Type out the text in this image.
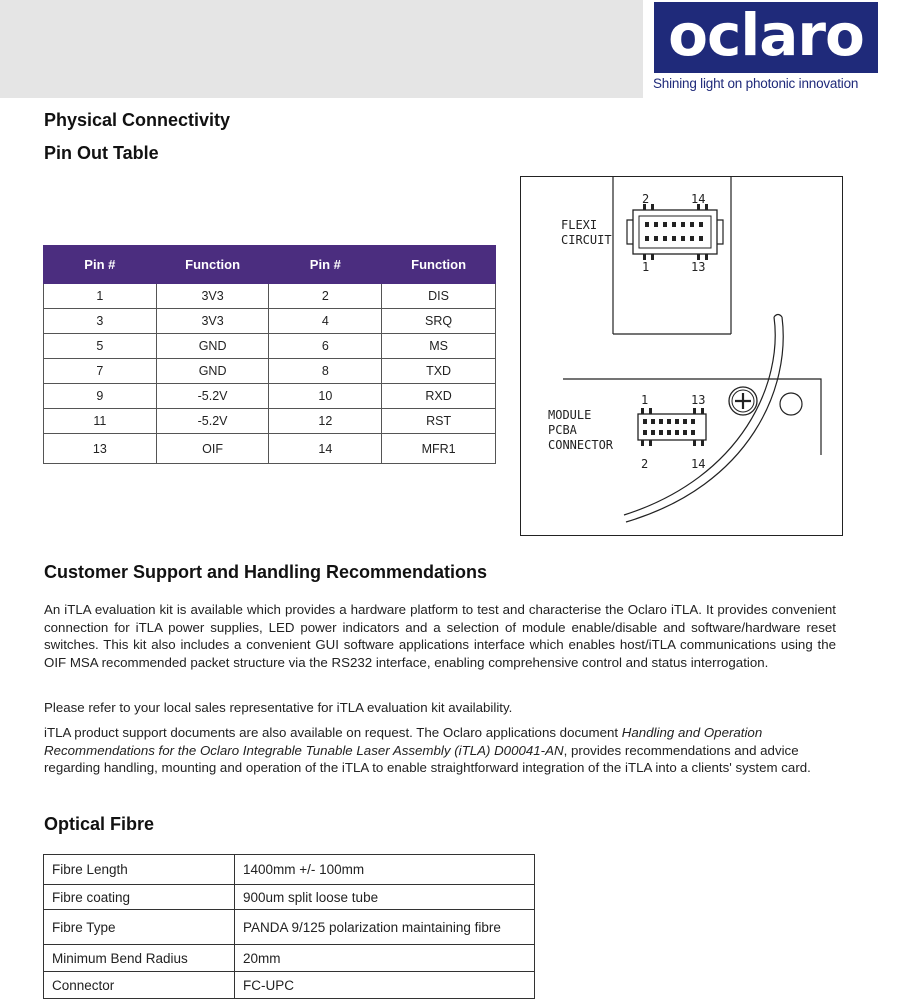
oclaro
Shining light on photonic innovation
Physical Connectivity
Pin Out Table
Pin #	Function	Pin #	Function
1	3V3	2	DIS
3	3V3	4	SRQ
5	GND	6	MS
7	GND	8	TXD
9	-5.2V	10	RXD
11	-5.2V	12	RST
13	OIF	14	MFR1
FLEXI
CIRCUIT
2	14
1	13
MODULE
PCBA
CONNECTOR
1	13
2	14
Customer Support and Handling Recommendations
An iTLA evaluation kit is available which provides a hardware platform to test and characterise the Oclaro iTLA. It provides convenient connection for iTLA power supplies, LED power indicators and a selection of module enable/disable and software/hardware reset switches. This kit also includes a convenient GUI software applications interface which enables host/iTLA communications using the OIF MSA recommended packet structure via the RS232 interface, enabling comprehensive control and status interrogation.
Please refer to your local sales representative for iTLA evaluation kit availability.
iTLA product support documents are also available on request. The Oclaro applications document Handling and Operation Recommendations for the Oclaro Integrable Tunable Laser Assembly (iTLA) D00041-AN, provides recommendations and advice regarding handling, mounting and operation of the iTLA to enable straightforward integration of the iTLA into a clients' system card.
Optical Fibre
Fibre Length	1400mm +/- 100mm
Fibre coating	900um split loose tube
Fibre Type	PANDA 9/125 polarization maintaining fibre
Minimum Bend Radius	20mm
Connector	FC-UPC
